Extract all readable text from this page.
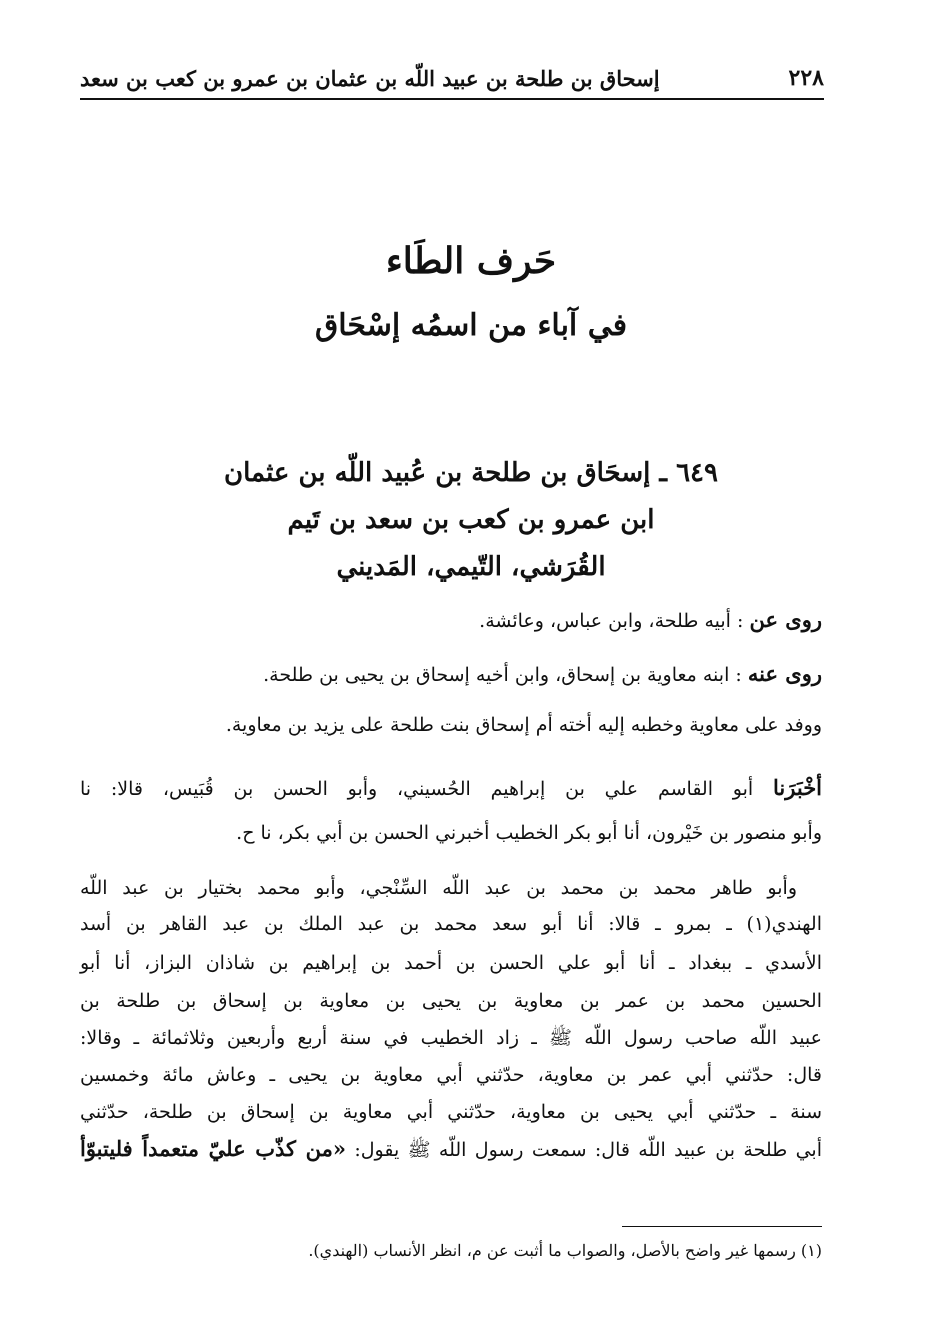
٢٢٨
إسحاق بن طلحة بن عبيد اللّه بن عثمان بن عمرو بن كعب بن سعد
حَرف الطَاء
في آباء من اسمُه إسْحَاق
٦٤٩ ـ إسحَاق بن طلحة بن عُبيد اللّه بن عثمان
ابن عمرو بن كعب بن سعد بن تَيم
القُرَشي، التّيمي، المَديني
روى عن : أبيه طلحة، وابن عباس، وعائشة.
روى عنه : ابنه معاوية بن إسحاق، وابن أخيه إسحاق بن يحيى بن طلحة.
ووفد على معاوية وخطبه إليه أخته أم إسحاق بنت طلحة على يزيد بن معاوية.
أخْبَرَنا أبو القاسم علي بن إبراهيم الحُسيني، وأبو الحسن بن قُبَيس، قالا: نا
وأبو منصور بن خَيْرون، أنا أبو بكر الخطيب أخبرني الحسن بن أبي بكر، نا ح.
وأبو طاهر محمد بن محمد بن عبد اللّه السِّنْجي، وأبو محمد بختيار بن عبد اللّه
الهندي(١) ـ بمرو ـ قالا: أنا أبو سعد محمد بن عبد الملك بن عبد القاهر بن أسد
الأسدي ـ ببغداد ـ أنا أبو علي الحسن بن أحمد بن إبراهيم بن شاذان البزاز، أنا أبو
الحسين محمد بن عمر بن معاوية بن يحيى بن معاوية بن إسحاق بن طلحة بن
عبيد اللّه صاحب رسول اللّه ﷺ ـ زاد الخطيب في سنة أربع وأربعين وثلاثمائة ـ وقالا:
قال: حدّثني أبي عمر بن معاوية، حدّثني أبي معاوية بن يحيى ـ وعاش مائة وخمسين
سنة ـ حدّثني أبي يحيى بن معاوية، حدّثني أبي معاوية بن إسحاق بن طلحة، حدّثني
أبي طلحة بن عبيد اللّه قال: سمعت رسول اللّه ﷺ يقول: «من كذّب عليّ متعمداً فليتبوّأ
(١) رسمها غير واضح بالأصل، والصواب ما أثبت عن م، انظر الأنساب (الهندي).
